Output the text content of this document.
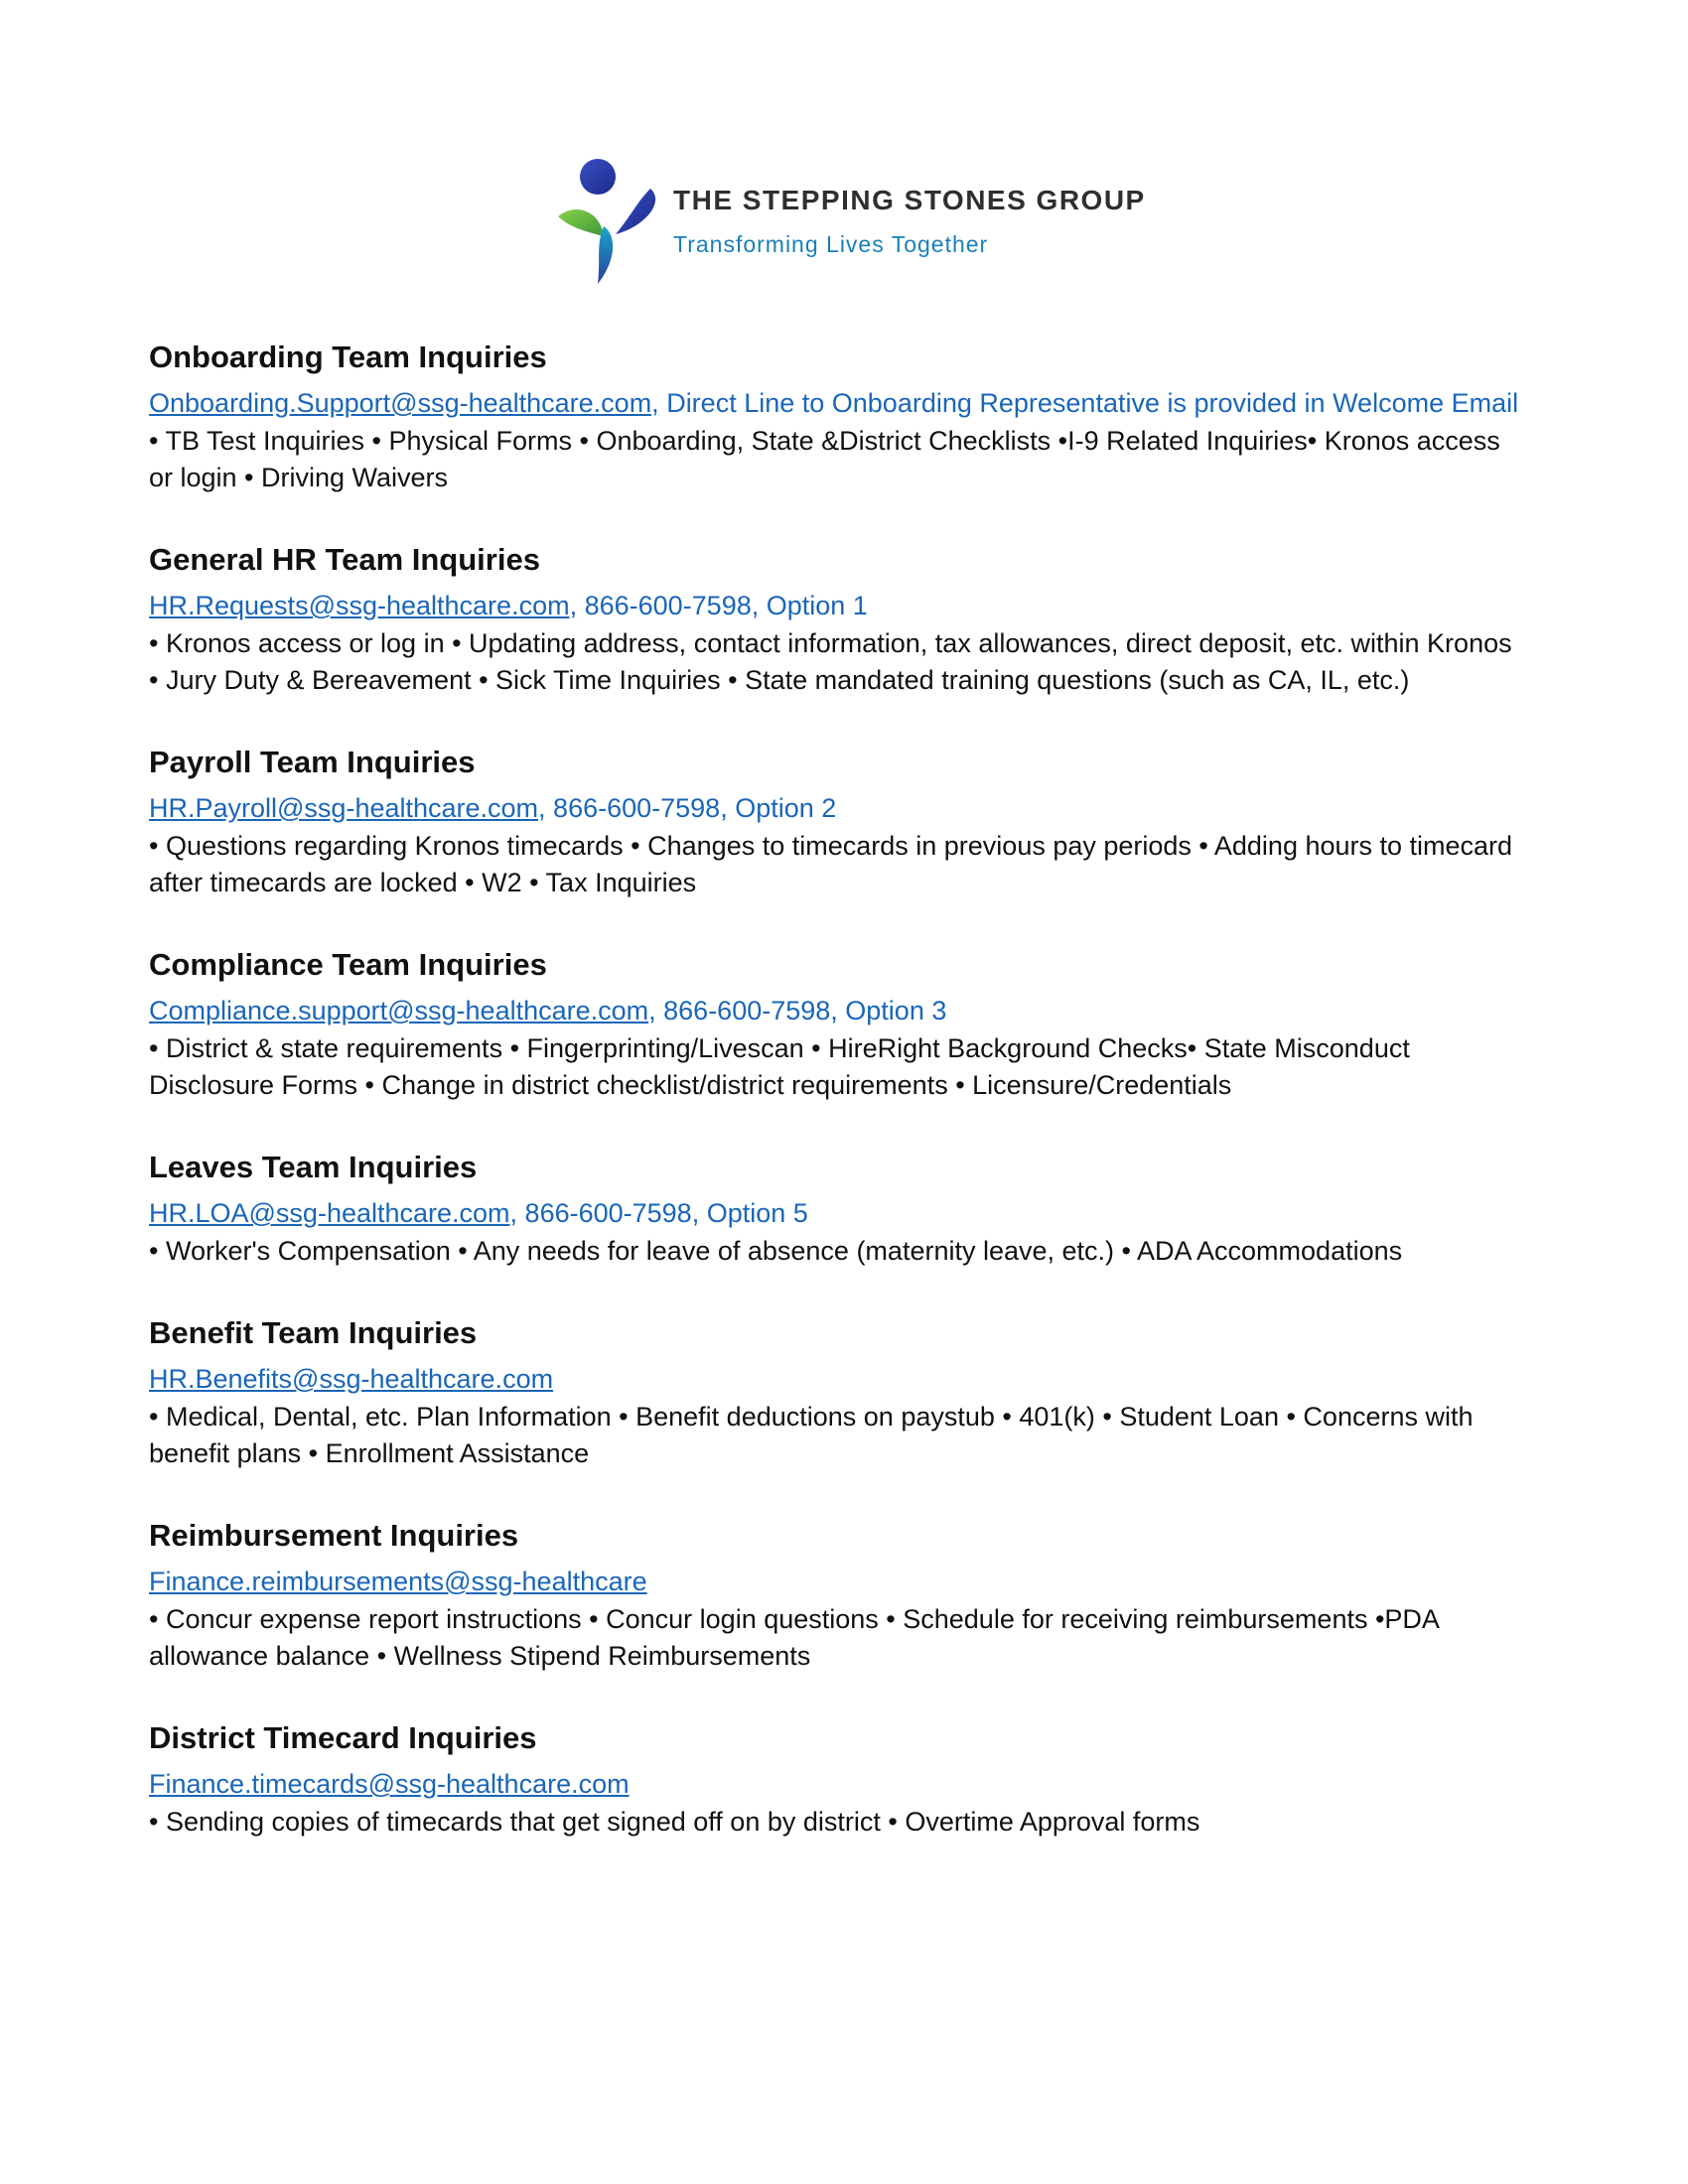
THE STEPPING STONES GROUP
Transforming Lives Together
Onboarding Team Inquiries

Onboarding.Support@ssg-healthcare.com, Direct Line to Onboarding Representative is provided in Welcome Email

• TB Test Inquiries • Physical Forms • Onboarding, State &District Checklists •I-9 Related Inquiries• Kronos access or login • Driving Waivers

General HR Team Inquiries

HR.Requests@ssg-healthcare.com, 866-600-7598, Option 1

• Kronos access or log in • Updating address, contact information, tax allowances, direct deposit, etc. within Kronos • Jury Duty & Bereavement • Sick Time Inquiries • State mandated training questions (such as CA, IL, etc.)

Payroll Team Inquiries

HR.Payroll@ssg-healthcare.com, 866-600-7598, Option 2

• Questions regarding Kronos timecards • Changes to timecards in previous pay periods • Adding hours to timecard after timecards are locked • W2 • Tax Inquiries

Compliance Team Inquiries

Compliance.support@ssg-healthcare.com, 866-600-7598, Option 3

• District & state requirements • Fingerprinting/Livescan • HireRight Background Checks• State Misconduct Disclosure Forms • Change in district checklist/district requirements • Licensure/Credentials

Leaves Team Inquiries

HR.LOA@ssg-healthcare.com, 866-600-7598, Option 5

• Worker's Compensation • Any needs for leave of absence (maternity leave, etc.) • ADA Accommodations

Benefit Team Inquiries

HR.Benefits@ssg-healthcare.com

• Medical, Dental, etc. Plan Information • Benefit deductions on paystub • 401(k) • Student Loan • Concerns with benefit plans • Enrollment Assistance

Reimbursement Inquiries

Finance.reimbursements@ssg-healthcare

• Concur expense report instructions • Concur login questions • Schedule for receiving reimbursements •PDA allowance balance • Wellness Stipend Reimbursements

District Timecard Inquiries

Finance.timecards@ssg-healthcare.com

• Sending copies of timecards that get signed off on by district • Overtime Approval forms
